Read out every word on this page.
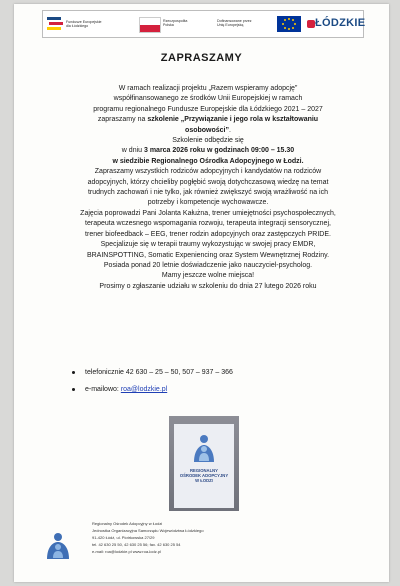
Fundusze Europejskie
dla Łódzkiego
Rzeczpospolita
Polska
Dofinansowane przez
Unię Europejską	ŁÓDZKIE
ZAPRASZAMY

W ramach realizacji projektu „Razem wspieramy adopcję”

współfinansowanego ze środków Unii Europejskiej w ramach

programu regionalnego Fundusze Europejskie dla Łódzkiego 2021 – 2027

zapraszamy na szkolenie „Przywiązanie i jego rola w kształtowaniu

osobowości”.

Szkolenie odbędzie się

w dniu 3 marca 2026 roku w godzinach 09:00 – 15.30

w siedzibie Regionalnego Ośrodka Adopcyjnego w Łodzi.

Zapraszamy wszystkich rodziców adopcyjnych i kandydatów na rodziców

adopcyjnych, którzy chcieliby pogłębić swoją dotychczasową wiedzę na temat

trudnych zachowań i nie tylko, jak również zwiększyć swoją wrażliwość na ich

potrzeby i kompetencje wychowawcze.

Zajęcia poprowadzi Pani Jolanta Kałużna, trener umiejętności psychospołecznych,

terapeuta wczesnego wspomagania rozwoju, terapeuta integracji sensorycznej,

trener biofeedback – EEG, trener rodzin adopcyjnych oraz zastępczych PRIDE.

Specjalizuje się w terapii traumy wykozystując w swojej pracy EMDR,

BRAINSPOTTING, Somatic Expeniencing oraz System Wewnętrznej Rodziny.

Posiada ponad 20 letnie doświadczenie jako nauczyciel-psycholog.

Mamy jeszcze wolne miejsca!

Prosimy o zgłaszanie udziału w szkoleniu do dnia 27 lutego 2026 roku

telefonicznie 42 630 – 25 – 50, 507 – 937 – 366
e-mailowo:
roa@lodzkie.pl
REGIONALNY
OŚRODEK ADOPCYJNY
W ŁODZI
Regionalny Ośrodek Adopcyjny w Łodzi
Jednostka Organizacyjna Samorządu Województwa Łódzkiego
91-420 Łódź, ul. Piotrkowska 27/29
tel. 42 630 25 50, 42 630 25 56; fax. 42 630 25 54
e-mail: roa@lodzkie.pl www.roa-lodz.pl
